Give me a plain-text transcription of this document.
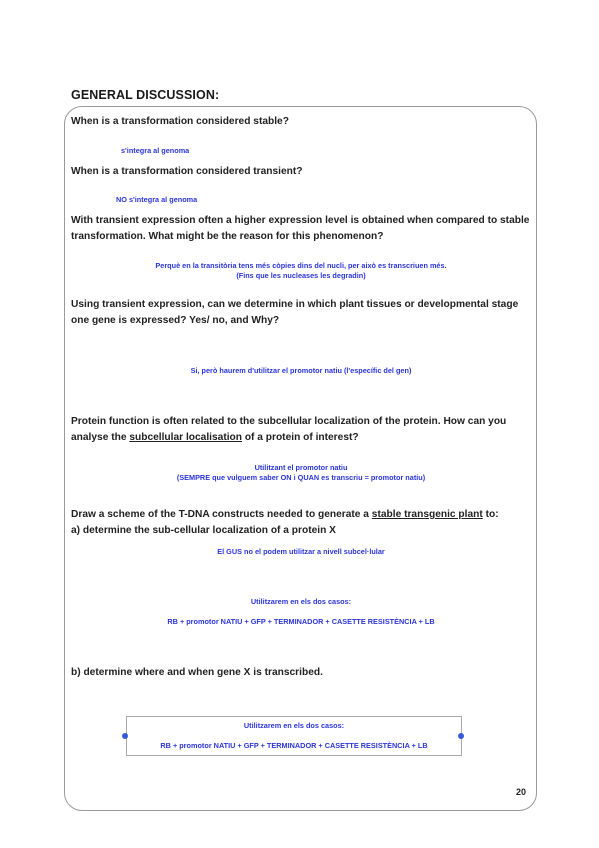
GENERAL DISCUSSION:
When is a transformation considered stable?
s'integra al genoma
When is a transformation considered transient?
NO s'integra al genoma
With transient expression often a higher expression level is obtained when compared to stable transformation. What might be the reason for this phenomenon?
Perquè en la transitòria tens més còpies dins del nucli, per això es transcriuen més.
(Fins que les nucleases les degradin)
Using transient expression, can we determine in which plant tissues or developmental stage one gene is expressed? Yes/ no, and Why?
Si, però haurem d'utilitzar el promotor natiu (l'específic del gen)
Protein function is often related to the subcellular localization of the protein. How can you analyse the subcellular localisation of a protein of interest?
Utilitzant el promotor natiu
(SEMPRE que vulguem saber ON i QUAN es transcriu = promotor natiu)
Draw a scheme of the T-DNA constructs needed to generate a stable transgenic plant to:
a) determine the sub-cellular localization of a protein X
El GUS no el podem utilitzar a nivell subcel·lular
Utilitzarem en els dos casos:
RB + promotor NATIU + GFP + TERMINADOR + CASETTE RESISTÈNCIA + LB
b) determine where and when gene X is transcribed.
Utilitzarem en els dos casos:
RB + promotor NATIU + GFP + TERMINADOR + CASETTE RESISTÈNCIA + LB
20
